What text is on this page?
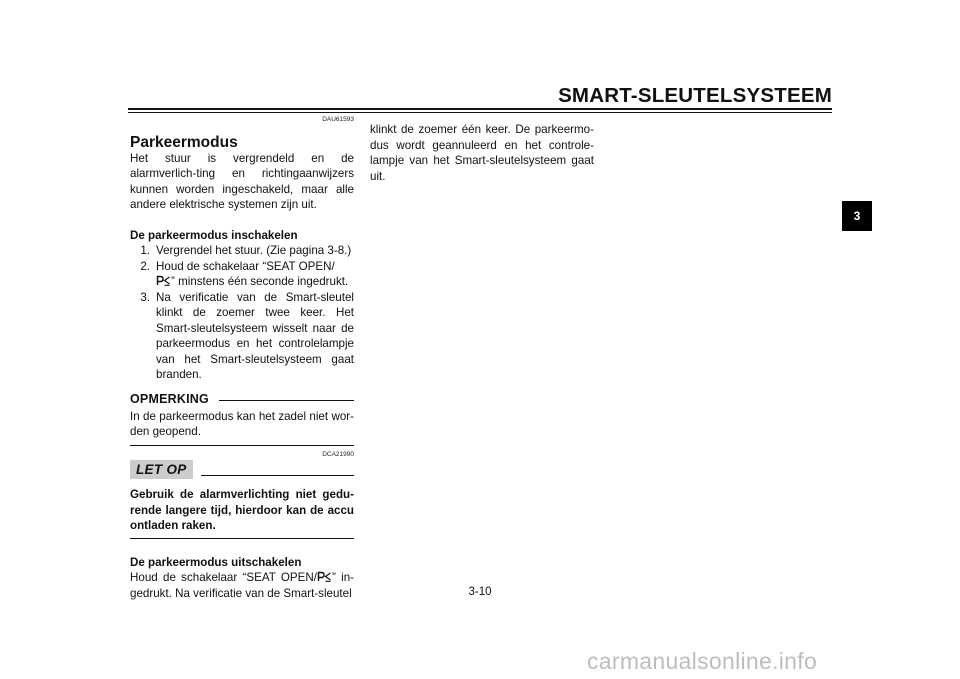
SMART-SLEUTELSYSTEEM
3
DAU61593
Parkeermodus

Het stuur is vergrendeld en de alarmverlich-ting en richtingaanwijzers kunnen worden ingeschakeld, maar alle andere elektrische systemen zijn uit.

De parkeermodus inschakelen
1. Vergrendel het stuur. (Zie pagina 3-8.)
2. Houd de schakelaar “SEAT OPEN/

” minstens één seconde ingedrukt.
3. Na verificatie van de Smart-sleutel klinkt de zoemer twee keer. Het Smart-sleutelsysteem wisselt naar de parkeermodus en het controlelampje van het Smart-sleutelsysteem gaat branden.
OPMERKING

In de parkeermodus kan het zadel niet wor-den geopend.

DCA21990
LET OP

Gebruik de alarmverlichting niet gedu-rende langere tijd, hierdoor kan de accu ontladen raken.

De parkeermodus uitschakelen

Houd de schakelaar “SEAT OPEN/ ” in-gedrukt. Na verificatie van de Smart-sleutel

klinkt de zoemer één keer. De parkeermo-dus wordt geannuleerd en het controle-lampje van het Smart-sleutelsysteem gaat uit.

3-10
carmanualsonline.info
